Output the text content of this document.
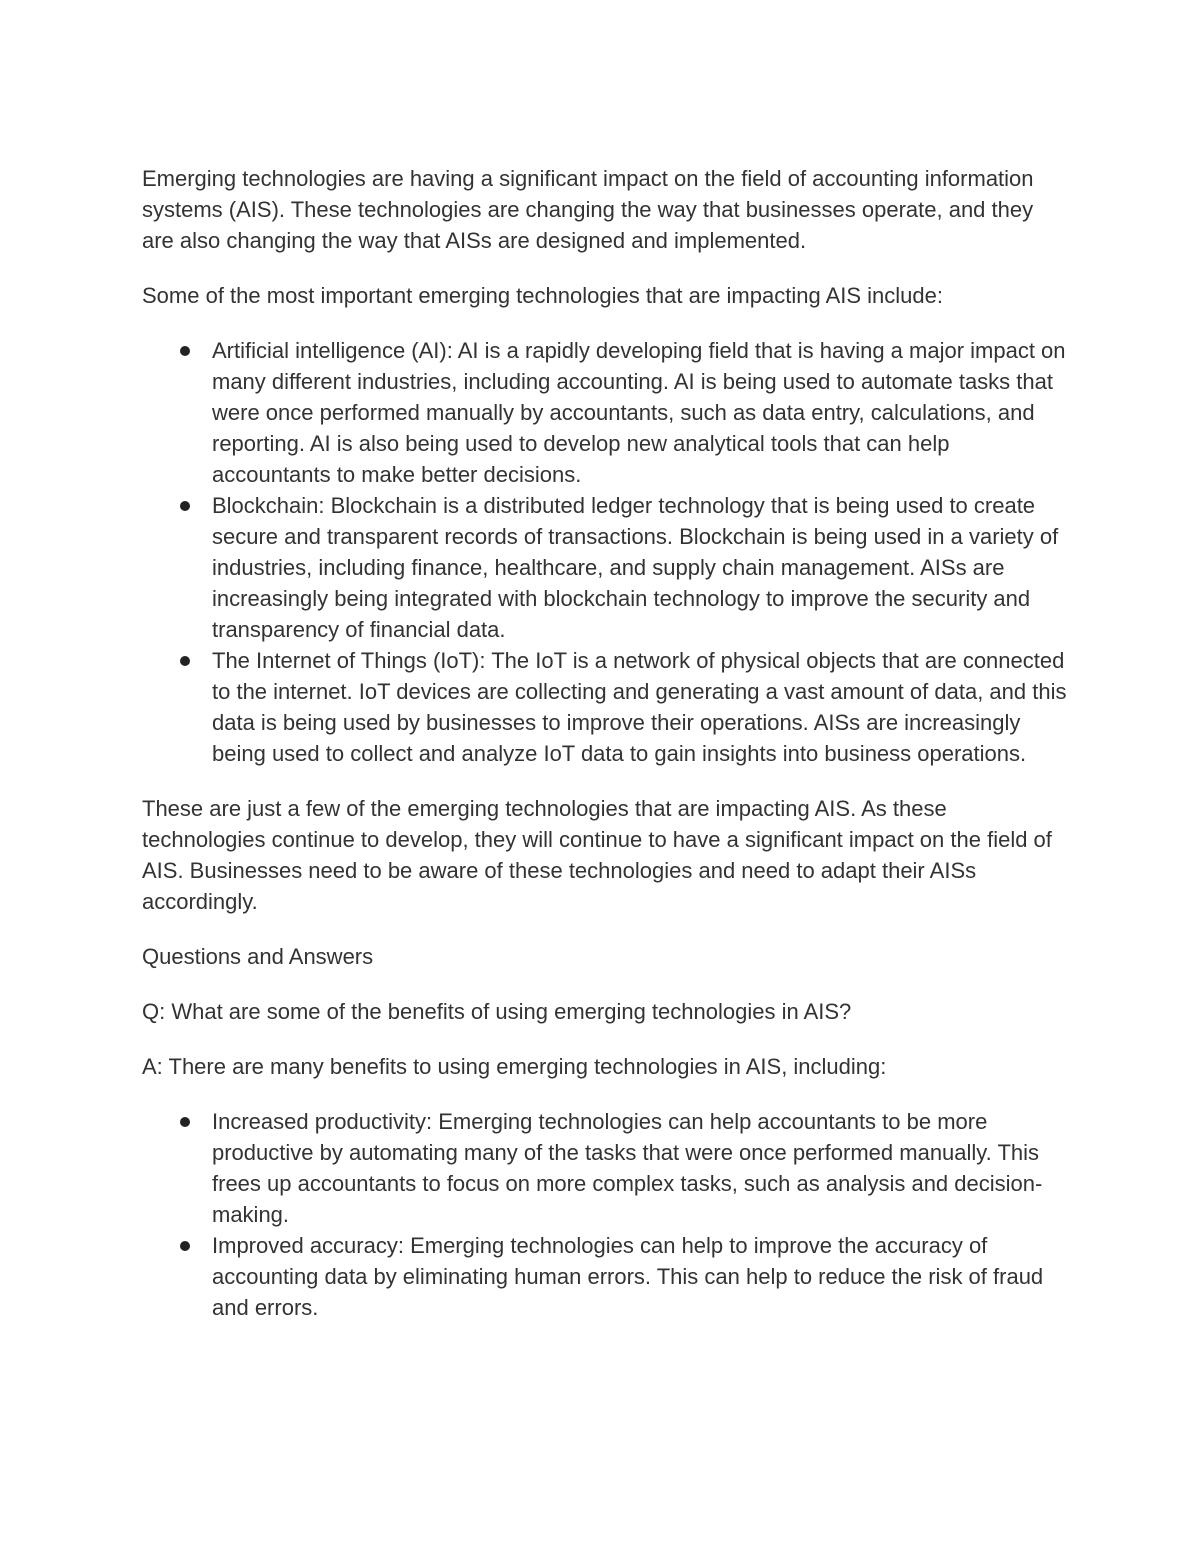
Emerging technologies are having a significant impact on the field of accounting information systems (AIS). These technologies are changing the way that businesses operate, and they are also changing the way that AISs are designed and implemented.

Some of the most important emerging technologies that are impacting AIS include:

Artificial intelligence (AI): AI is a rapidly developing field that is having a major impact on many different industries, including accounting. AI is being used to automate tasks that were once performed manually by accountants, such as data entry, calculations, and reporting. AI is also being used to develop new analytical tools that can help accountants to make better decisions.
Blockchain: Blockchain is a distributed ledger technology that is being used to create secure and transparent records of transactions. Blockchain is being used in a variety of industries, including finance, healthcare, and supply chain management. AISs are increasingly being integrated with blockchain technology to improve the security and transparency of financial data.
The Internet of Things (IoT): The IoT is a network of physical objects that are connected to the internet. IoT devices are collecting and generating a vast amount of data, and this data is being used by businesses to improve their operations. AISs are increasingly being used to collect and analyze IoT data to gain insights into business operations.

These are just a few of the emerging technologies that are impacting AIS. As these technologies continue to develop, they will continue to have a significant impact on the field of AIS. Businesses need to be aware of these technologies and need to adapt their AISs accordingly.

Questions and Answers

Q: What are some of the benefits of using emerging technologies in AIS?

A: There are many benefits to using emerging technologies in AIS, including:

Increased productivity: Emerging technologies can help accountants to be more productive by automating many of the tasks that were once performed manually. This frees up accountants to focus on more complex tasks, such as analysis and decision-making.
Improved accuracy: Emerging technologies can help to improve the accuracy of accounting data by eliminating human errors. This can help to reduce the risk of fraud and errors.
